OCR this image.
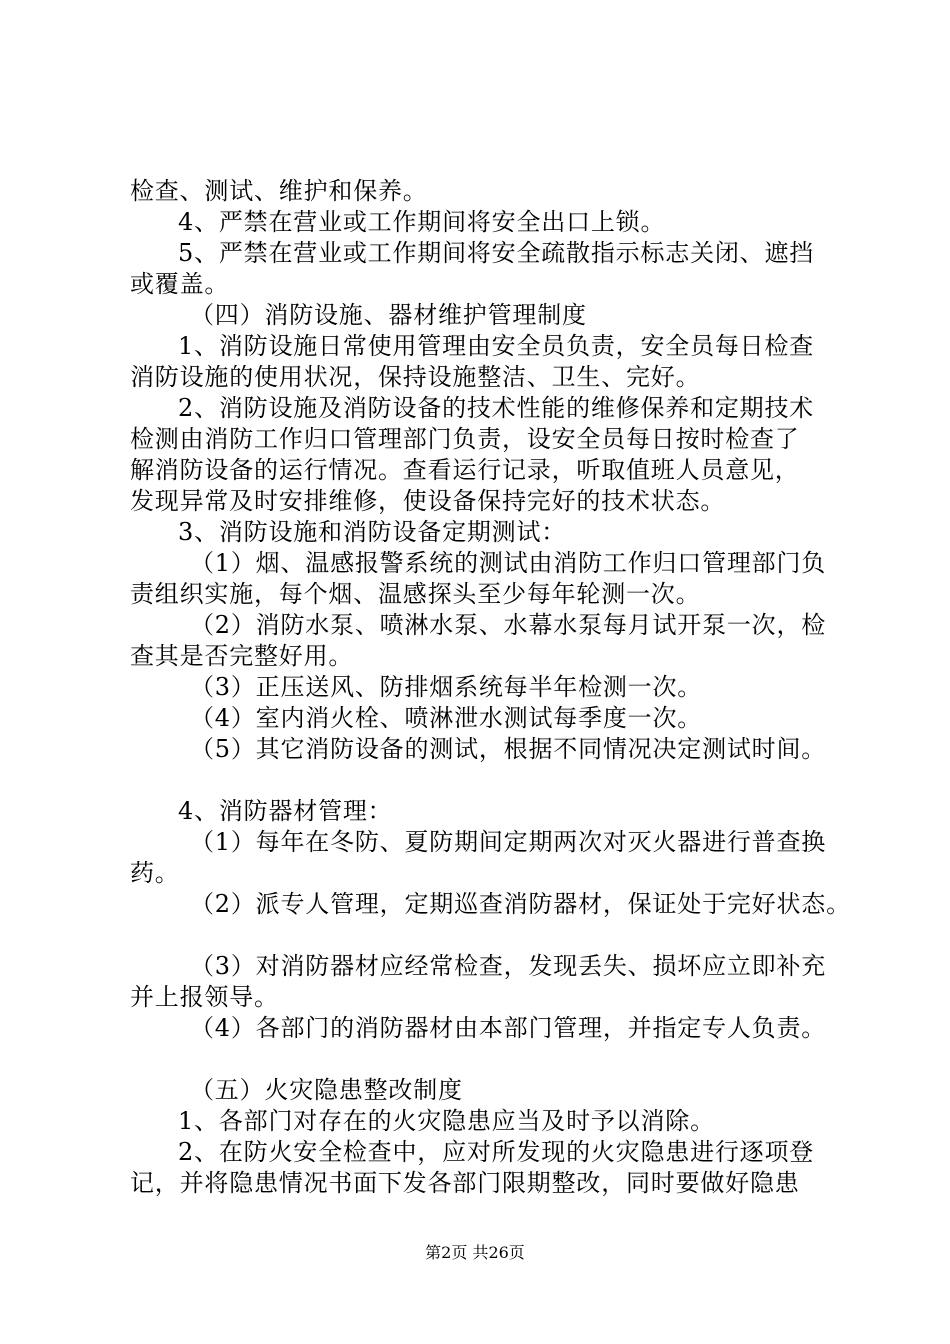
检查、测试、维护和保养。
4、严禁在营业或工作期间将安全出口上锁。
5、严禁在营业或工作期间将安全疏散指示标志关闭、遮挡
或覆盖。
（四）消防设施、器材维护管理制度
1、消防设施日常使用管理由安全员负责，安全员每日检查
消防设施的使用状况，保持设施整洁、卫生、完好。
2、消防设施及消防设备的技术性能的维修保养和定期技术
检测由消防工作归口管理部门负责，设安全员每日按时检查了
解消防设备的运行情况。查看运行记录，听取值班人员意见，
发现异常及时安排维修，使设备保持完好的技术状态。
3、消防设施和消防设备定期测试：
（1）烟、温感报警系统的测试由消防工作归口管理部门负
责组织实施，每个烟、温感探头至少每年轮测一次。
（2）消防水泵、喷淋水泵、水幕水泵每月试开泵一次，检
查其是否完整好用。
（3）正压送风、防排烟系统每半年检测一次。
（4）室内消火栓、喷淋泄水测试每季度一次。
（5）其它消防设备的测试，根据不同情况决定测试时间。
4、消防器材管理：
（1）每年在冬防、夏防期间定期两次对灭火器进行普查换
药。
（2）派专人管理，定期巡查消防器材，保证处于完好状态。
（3）对消防器材应经常检查，发现丢失、损坏应立即补充
并上报领导。
（4）各部门的消防器材由本部门管理，并指定专人负责。
（五）火灾隐患整改制度
1、各部门对存在的火灾隐患应当及时予以消除。
2、在防火安全检查中，应对所发现的火灾隐患进行逐项登
记，并将隐患情况书面下发各部门限期整改，同时要做好隐患
第2页 共26页
